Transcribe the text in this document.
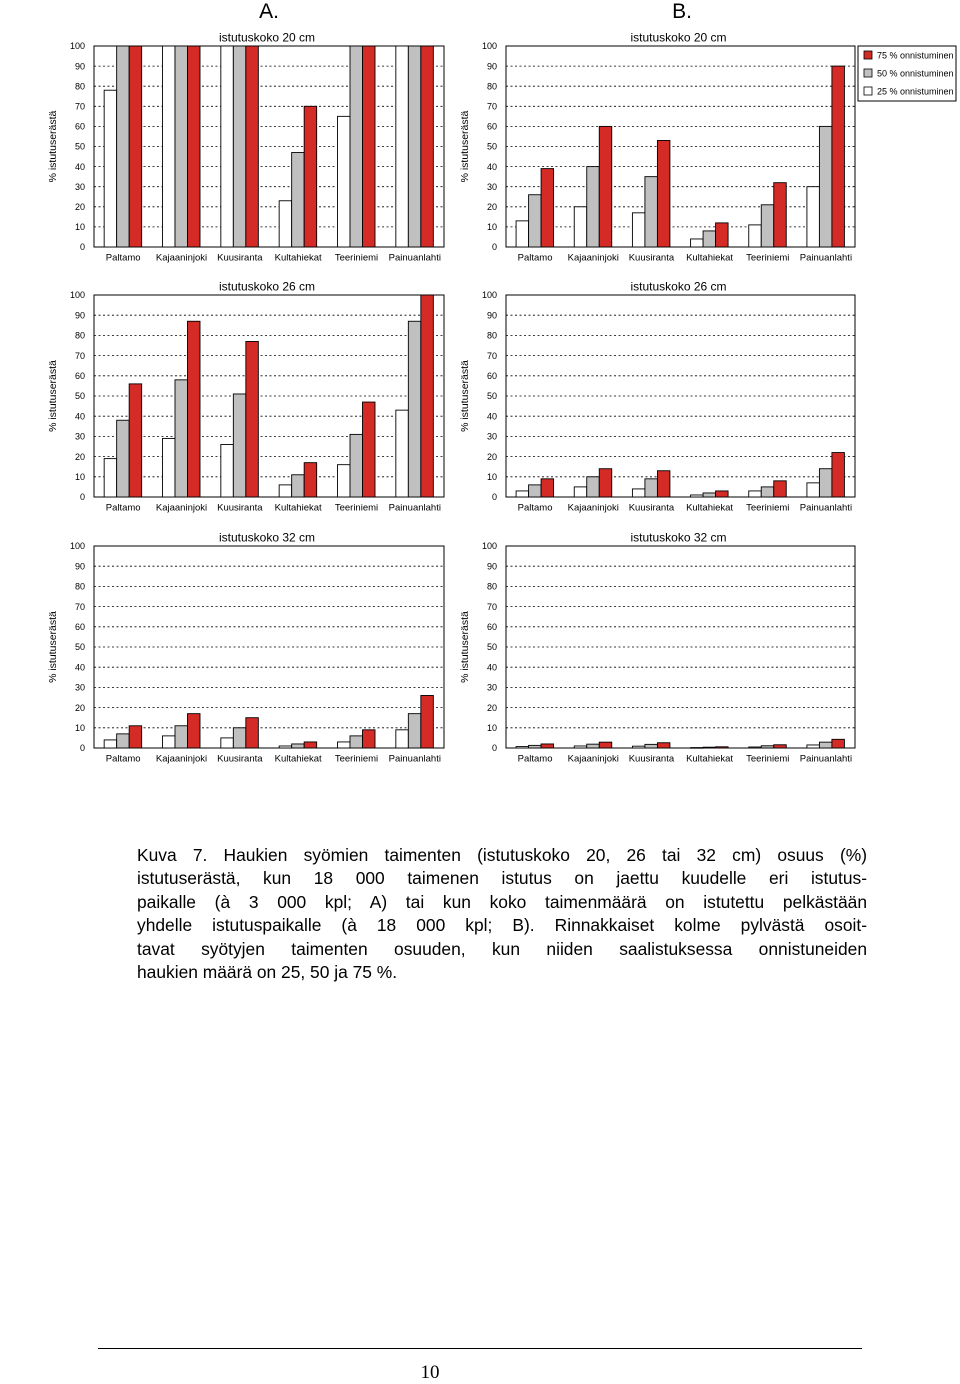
0
10
20
30
40
50
60
70
80
90
100
istutuskoko 20 cm
% istutuserästä
Paltamo Kajaaninjoki Kuusiranta Kultahiekat Teeriniemi Painuanlahti
A.
0
10
20
30
40
50
60
70
80
90
100
istutuskoko 20 cm
% istutuserästä
Paltamo Kajaaninjoki Kuusiranta Kultahiekat Teeriniemi Painuanlahti
B.
75 % onnistuminen
50 % onnistuminen
25 % onnistuminen
0
10
20
30
40
50
60
70
80
90
100
istutuskoko 26 cm
% istutuserästä
Paltamo Kajaaninjoki Kuusiranta Kultahiekat Teeriniemi Painuanlahti
0
10
20
30
40
50
60
70
80
90
100
istutuskoko 26 cm
% istutuserästä
Paltamo Kajaaninjoki Kuusiranta Kultahiekat Teeriniemi Painuanlahti
0
10
20
30
40
50
60
70
80
90
100
istutuskoko 32 cm
% istutuserästä
Paltamo Kajaaninjoki Kuusiranta Kultahiekat Teeriniemi Painuanlahti
0
10
20
30
40
50
60
70
80
90
100
istutuskoko 32 cm
% istutuserästä
Paltamo Kajaaninjoki Kuusiranta Kultahiekat Teeriniemi Painuanlahti
Kuva 7. Haukien syömien taimenten (istutuskoko 20, 26 tai 32 cm) osuus (%)
istutuserästä, kun 18 000 taimenen istutus on jaettu kuudelle eri istutus-
paikalle (à 3 000 kpl; A) tai kun koko taimenmäärä on istutettu pelkästään
yhdelle istutuspaikalle (à 18 000 kpl; B). Rinnakkaiset kolme pylvästä osoit-
tavat syötyjen taimenten osuuden, kun niiden saalistuksessa onnistuneiden
haukien määrä on 25, 50 ja 75 %.
10
